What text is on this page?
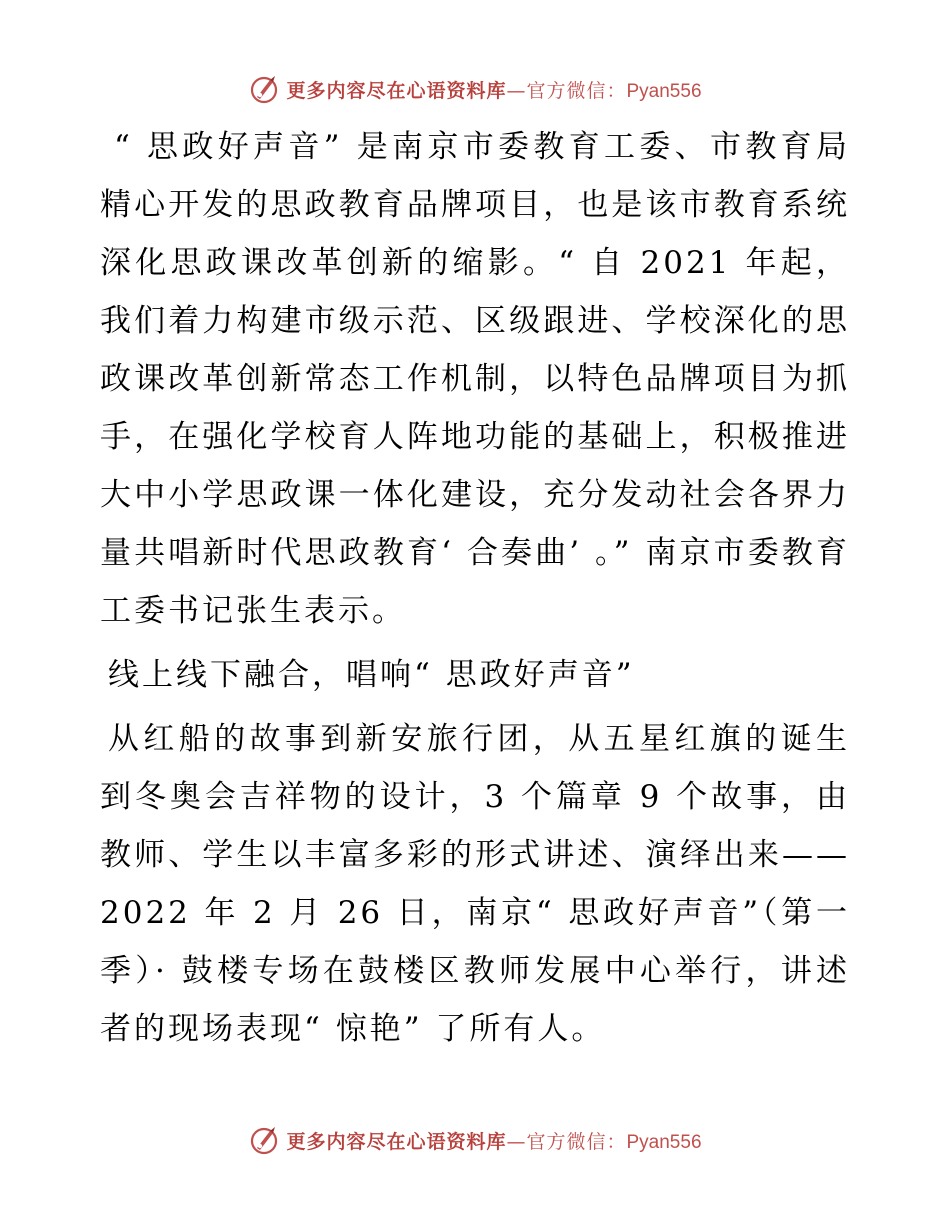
更多内容尽在心语资料库—官方微信：Pyan556

“ 思政好声音” 是南京市委教育工委、市教育局精心开发的思政教育品牌项目，也是该市教育系统深化思政课改革创新的缩影。“ 自 2021 年起，我们着力构建市级示范、区级跟进、学校深化的思政课改革创新常态工作机制，以特色品牌项目为抓手，在强化学校育人阵地功能的基础上，积极推进大中小学思政课一体化建设，充分发动社会各界力量共唱新时代思政教育‘ 合奏曲’ 。” 南京市委教育工委书记张生表示。

线上线下融合，唱响“ 思政好声音”

从红船的故事到新安旅行团，从五星红旗的诞生到冬奥会吉祥物的设计，3 个篇章 9 个故事，由教师、学生以丰富多彩的形式讲述、演绎出来——2022 年 2 月 26 日，南京“ 思政好声音”（第一季）· 鼓楼专场在鼓楼区教师发展中心举行，讲述者的现场表现“ 惊艳” 了所有人。

更多内容尽在心语资料库—官方微信：Pyan556
